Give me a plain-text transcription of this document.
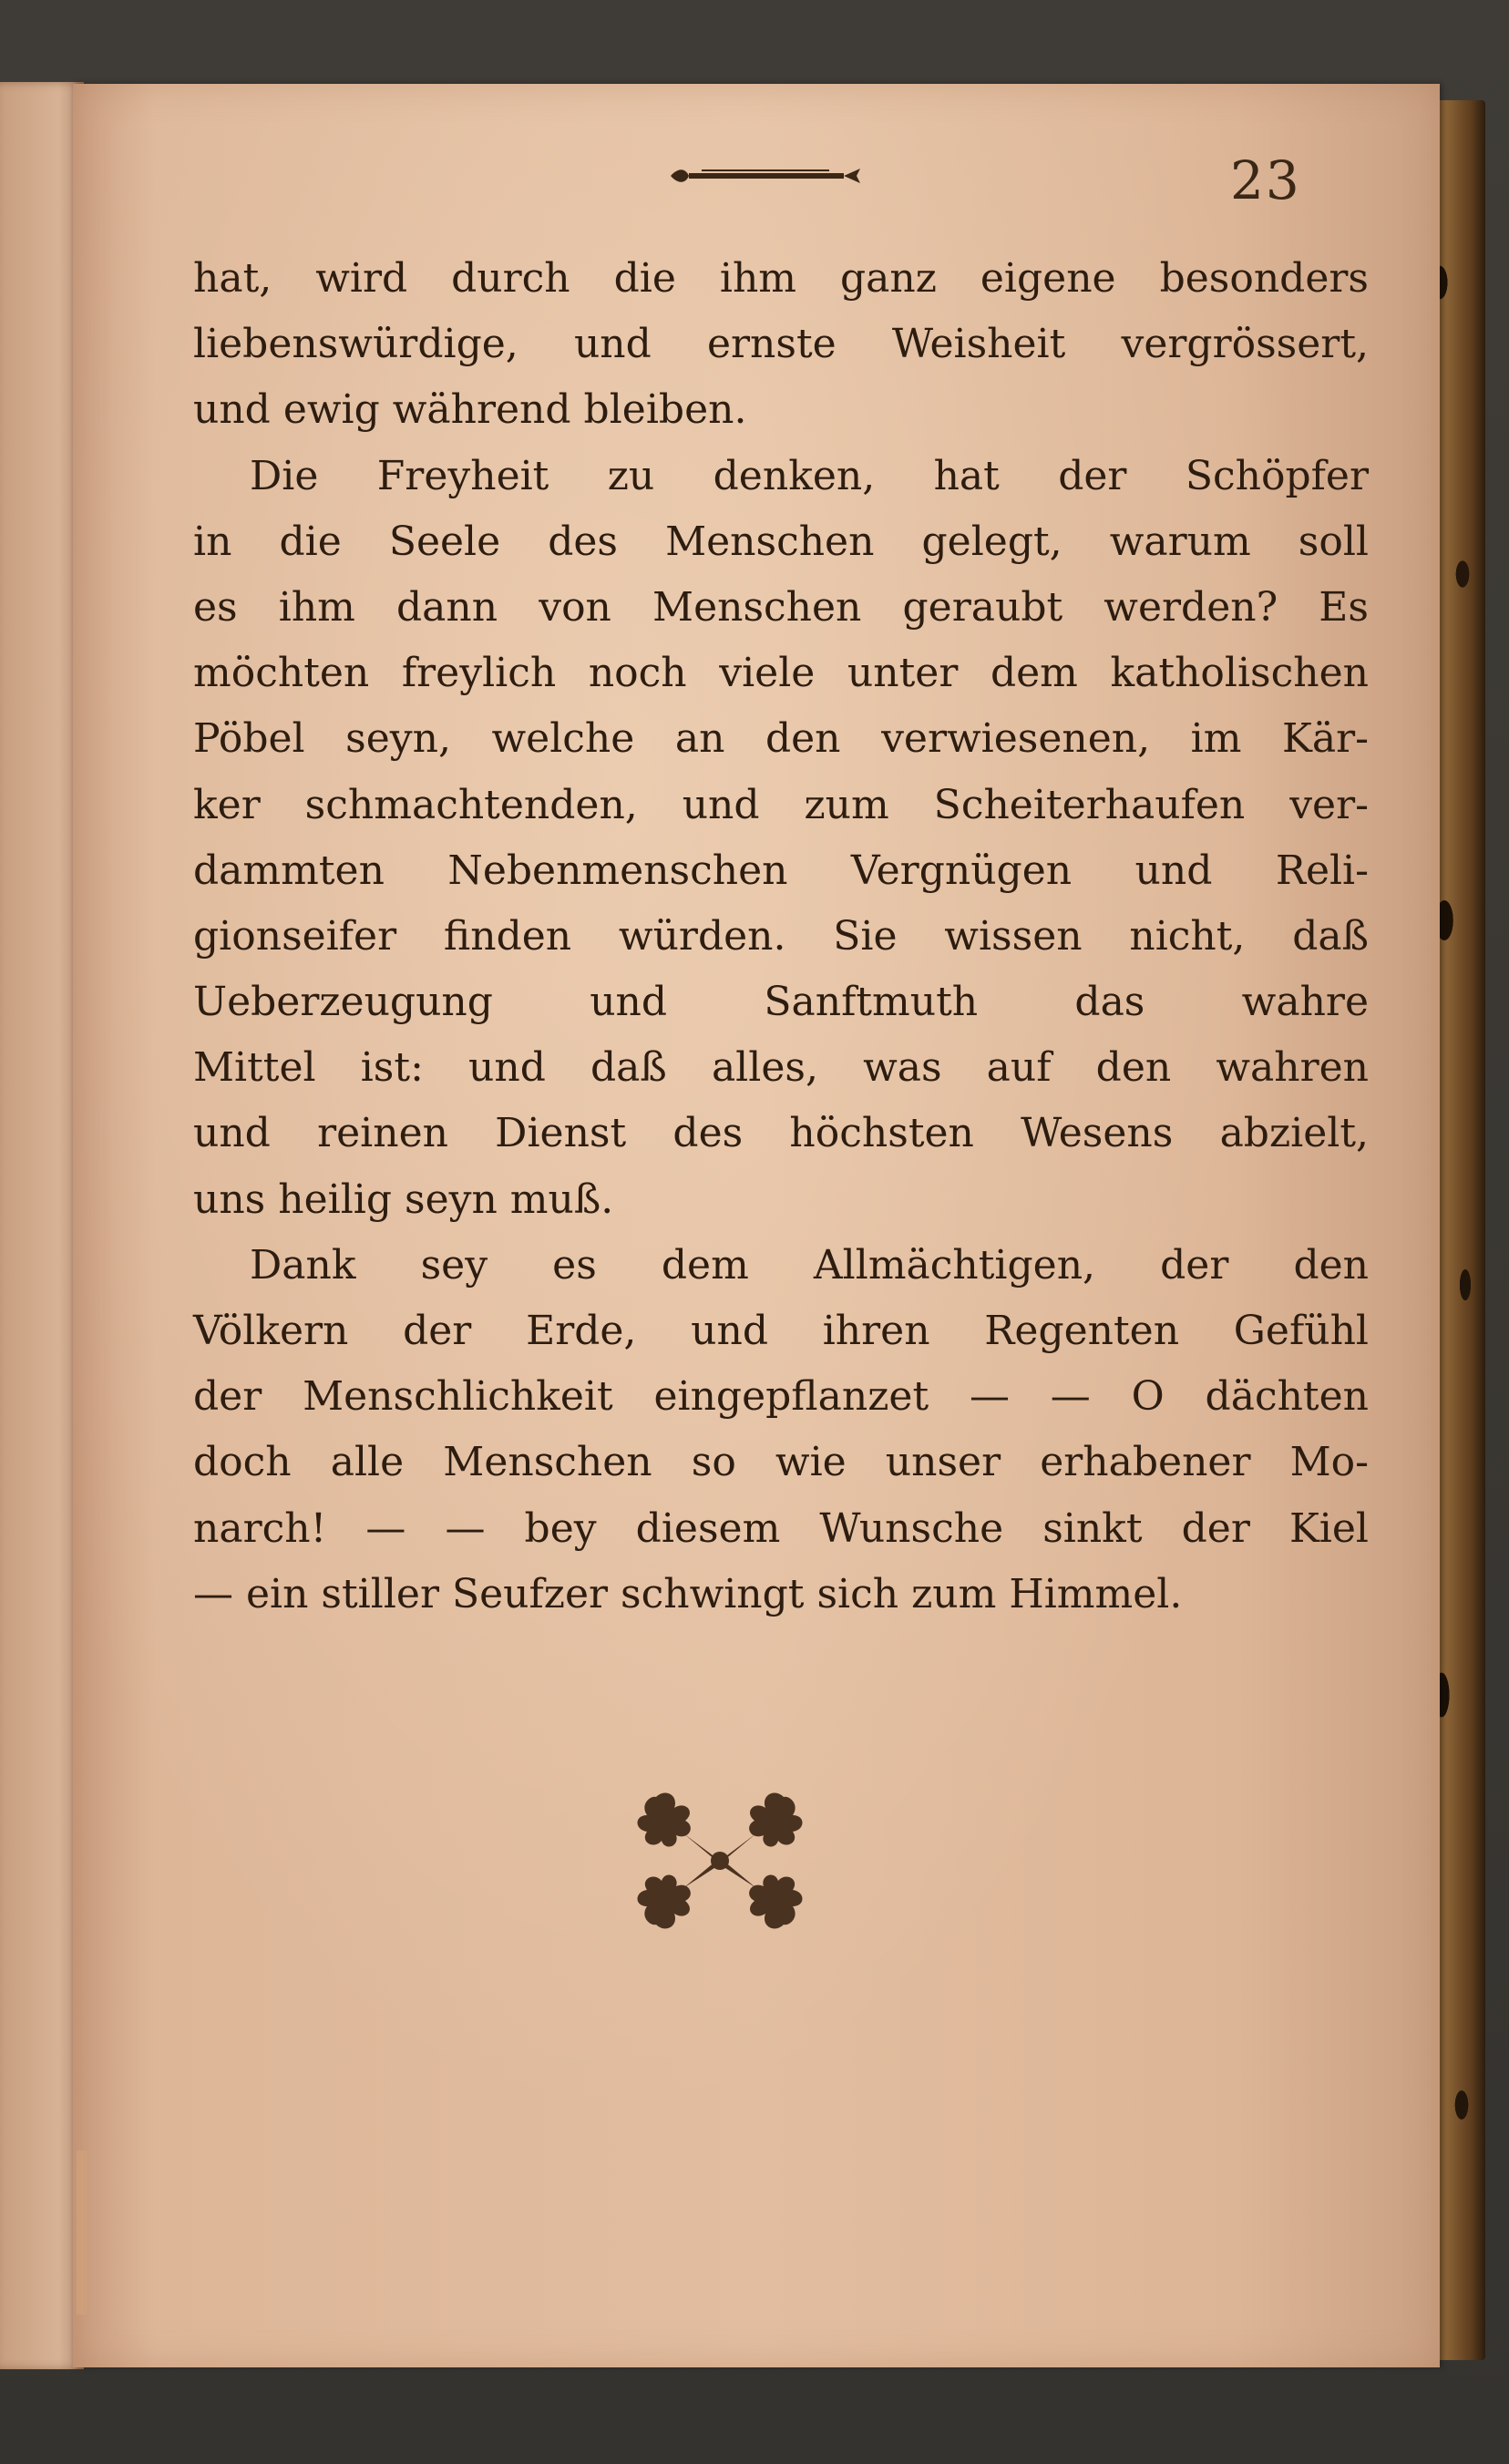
23
hat, wird durch die ihm ganz eigene besonders
liebenswürdige, und ernste Weisheit vergrössert,
und ewig während bleiben.
Die Freyheit zu denken, hat der Schöpfer
in die Seele des Menschen gelegt, warum soll
es ihm dann von Menschen geraubt werden? Es
möchten freylich noch viele unter dem katholischen
Pöbel seyn, welche an den verwiesenen, im Kär-
ker schmachtenden, und zum Scheiterhaufen ver-
dammten Nebenmenschen Vergnügen und Reli-
gionseifer finden würden. Sie wissen nicht, daß
Ueberzeugung und Sanftmuth das wahre
Mittel ist: und daß alles, was auf den wahren
und reinen Dienst des höchsten Wesens abzielt,
uns heilig seyn muß.
Dank sey es dem Allmächtigen, der den
Völkern der Erde, und ihren Regenten Gefühl
der Menschlichkeit eingepflanzet — — O dächten
doch alle Menschen so wie unser erhabener Mo-
narch! — — bey diesem Wunsche sinkt der Kiel
— ein stiller Seufzer schwingt sich zum Himmel.
